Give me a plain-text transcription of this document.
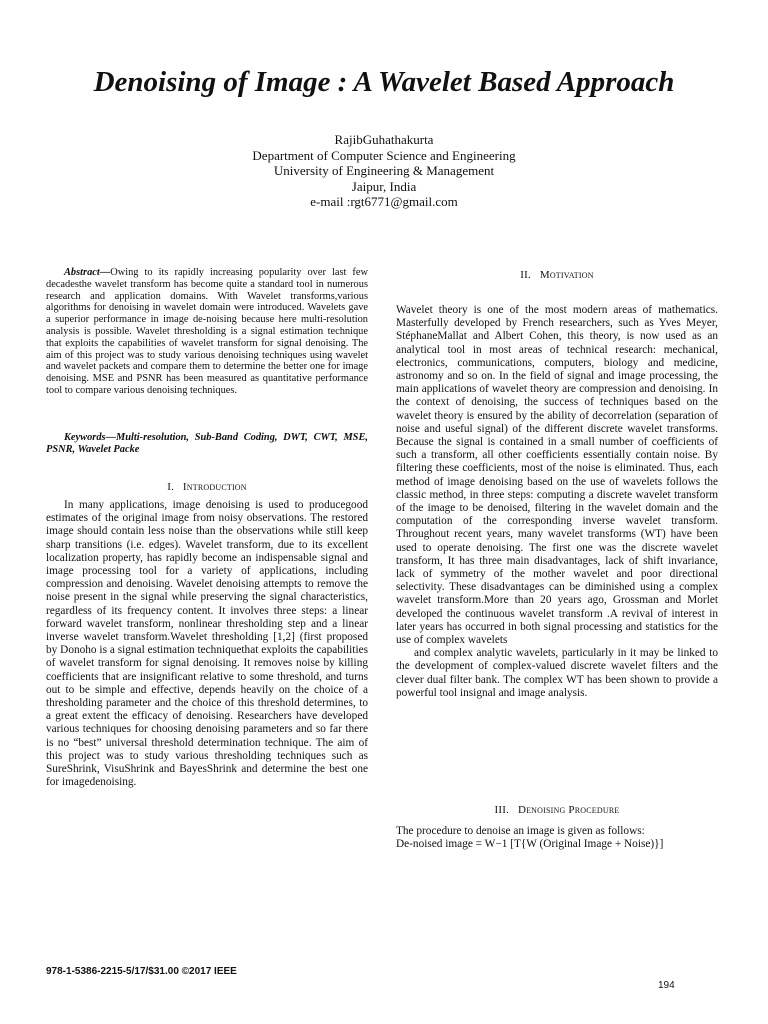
Denoising of Image : A Wavelet Based Approach
RajibGuhathakurta
Department of Computer Science and Engineering
University of Engineering & Management
Jaipur, India
e-mail :rgt6771@gmail.com

Abstract—Owing to its rapidly increasing popularity over last few decadesthe wavelet transform has become quite a standard tool in numerous research and application domains. With Wavelet transforms,various algorithms for denoising in wavelet domain were introduced. Wavelets gave a superior performance in image de-noising because here multi-resolution analysis is possible. Wavelet thresholding is a signal estimation technique that exploits the capabilities of wavelet transform for signal denoising. The aim of this project was to study various denoising techniques using wavelet and wavelet packets and compare them to determine the better one for image denoising. MSE and PSNR has been measured as quantitative performance tool to compare various denoising techniques.

Keywords—Multi-resolution, Sub-Band Coding, DWT, CWT, MSE, PSNR, Wavelet Packe

I. Introduction

In many applications, image denoising is used to producegood estimates of the original image from noisy observations. The restored image should contain less noise than the observations while still keep sharp transitions (i.e. edges). Wavelet transform, due to its excellent localization property, has rapidly become an indispensable signal and image processing tool for a variety of applications, including compression and denoising. Wavelet denoising attempts to remove the noise present in the signal while preserving the signal characteristics, regardless of its frequency content. It involves three steps: a linear forward wavelet transform, nonlinear thresholding step and a linear inverse wavelet transform.Wavelet thresholding [1,2] (first proposed by Donoho is a signal estimation techniquethat exploits the capabilities of wavelet transform for signal denoising. It removes noise by killing coefficients that are insignificant relative to some threshold, and turns out to be simple and effective, depends heavily on the choice of a thresholding parameter and the choice of this threshold determines, to a great extent the efficacy of denoising. Researchers have developed various techniques for choosing denoising parameters and so far there is no “best” universal threshold determination technique. The aim of this project was to study various thresholding techniques such as SureShrink, VisuShrink and BayesShrink and determine the best one for imagedenoising.

II. Motivation

Wavelet theory is one of the most modern areas of mathematics. Masterfully developed by French researchers, such as Yves Meyer, StéphaneMallat and Albert Cohen, this theory, is now used as an analytical tool in most areas of technical research: mechanical, electronics, communications, computers, biology and medicine, astronomy and so on. In the field of signal and image processing, the main applications of wavelet theory are compression and denoising. In the context of denoising, the success of techniques based on the wavelet theory is ensured by the ability of decorrelation (separation of noise and useful signal) of the different discrete wavelet transforms. Because the signal is contained in a small number of coefficients of such a transform, all other coefficients essentially contain noise. By filtering these coefficients, most of the noise is eliminated. Thus, each method of image denoising based on the use of wavelets follows the classic method, in three steps: computing a discrete wavelet transform of the image to be denoised, filtering in the wavelet domain and the computation of the corresponding inverse wavelet transform. Throughout recent years, many wavelet transforms (WT) have been used to operate denoising. The first one was the discrete wavelet transform, It has three main disadvantages, lack of shift invariance, lack of symmetry of the mother wavelet and poor directional selectivity. These disadvantages can be diminished using a complex wavelet transform.More than 20 years ago, Grossman and Morlet developed the continuous wavelet transform .A revival of interest in later years has occurred in both signal processing and statistics for the use of complex wavelets

and complex analytic wavelets, particularly in it may be linked to the development of complex-valued discrete wavelet filters and the clever dual filter bank. The complex WT has been shown to provide a powerful tool insignal and image analysis.

III. Denoising Procedure

The procedure to denoise an image is given as follows:

De-noised image = W−1 [T{W (Original Image + Noise)}]

978-1-5386-2215-5/17/$31.00 ©2017 IEEE
194
